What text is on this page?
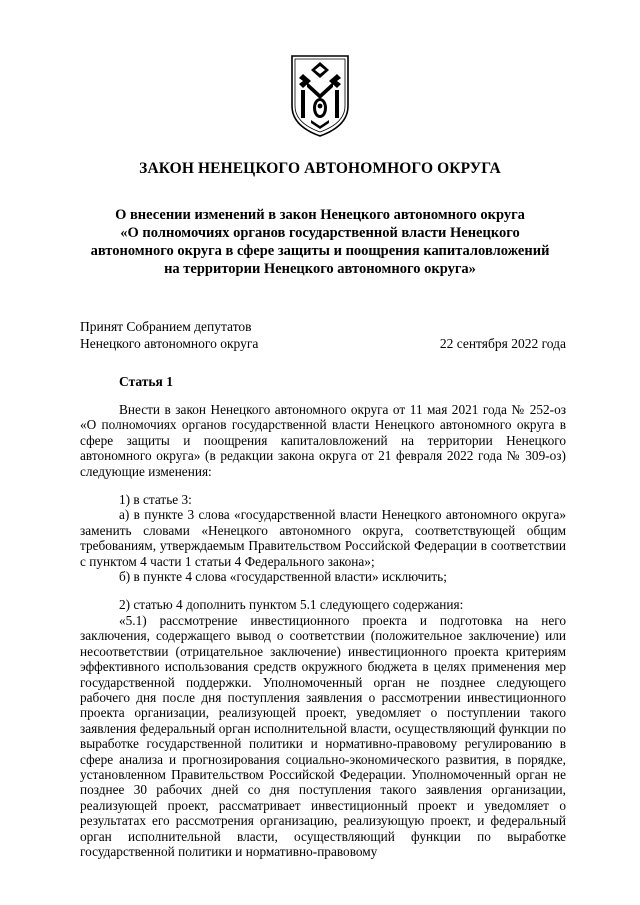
ЗАКОН НЕНЕЦКОГО АВТОНОМНОГО ОКРУГА
О внесении изменений в закон Ненецкого автономного округа
«О полномочиях органов государственной власти Ненецкого
автономного округа в сфере защиты и поощрения капиталовложений
на территории Ненецкого автономного округа»
Принят Собранием депутатов
Ненецкого автономного округа	22 сентября 2022 года
Статья 1

Внести в закон Ненецкого автономного округа от 11 мая 2021 года № 252-оз «О полномочиях органов государственной власти Ненецкого автономного округа в сфере защиты и поощрения капиталовложений на территории Ненецкого автономного округа» (в редакции закона округа от 21 февраля 2022 года № 309-оз) следующие изменения:

1) в статье 3:

а) в пункте 3 слова «государственной власти Ненецкого автономного округа» заменить словами «Ненецкого автономного округа, соответствующей общим требованиям, утверждаемым Правительством Российской Федерации в соответствии с пунктом 4 части 1 статьи 4 Федерального закона»;

б) в пункте 4 слова «государственной власти» исключить;

2) статью 4 дополнить пунктом 5.1 следующего содержания:

«5.1) рассмотрение инвестиционного проекта и подготовка на него заключения, содержащего вывод о соответствии (положительное заключение) или несоответствии (отрицательное заключение) инвестиционного проекта критериям эффективного использования средств окружного бюджета в целях применения мер государственной поддержки. Уполномоченный орган не позднее следующего рабочего дня после дня поступления заявления о рассмотрении инвестиционного проекта организации, реализующей проект, уведомляет о поступлении такого заявления федеральный орган исполнительной власти, осуществляющий функции по выработке государственной политики и нормативно-правовому регулированию в сфере анализа и прогнозирования социально-экономического развития, в порядке, установленном Правительством Российской Федерации. Уполномоченный орган не позднее 30 рабочих дней со дня поступления такого заявления организации, реализующей проект, рассматривает инвестиционный проект и уведомляет о результатах его рассмотрения организацию, реализующую проект, и федеральный орган исполнительной власти, осуществляющий функции по выработке государственной политики и нормативно-правовому
